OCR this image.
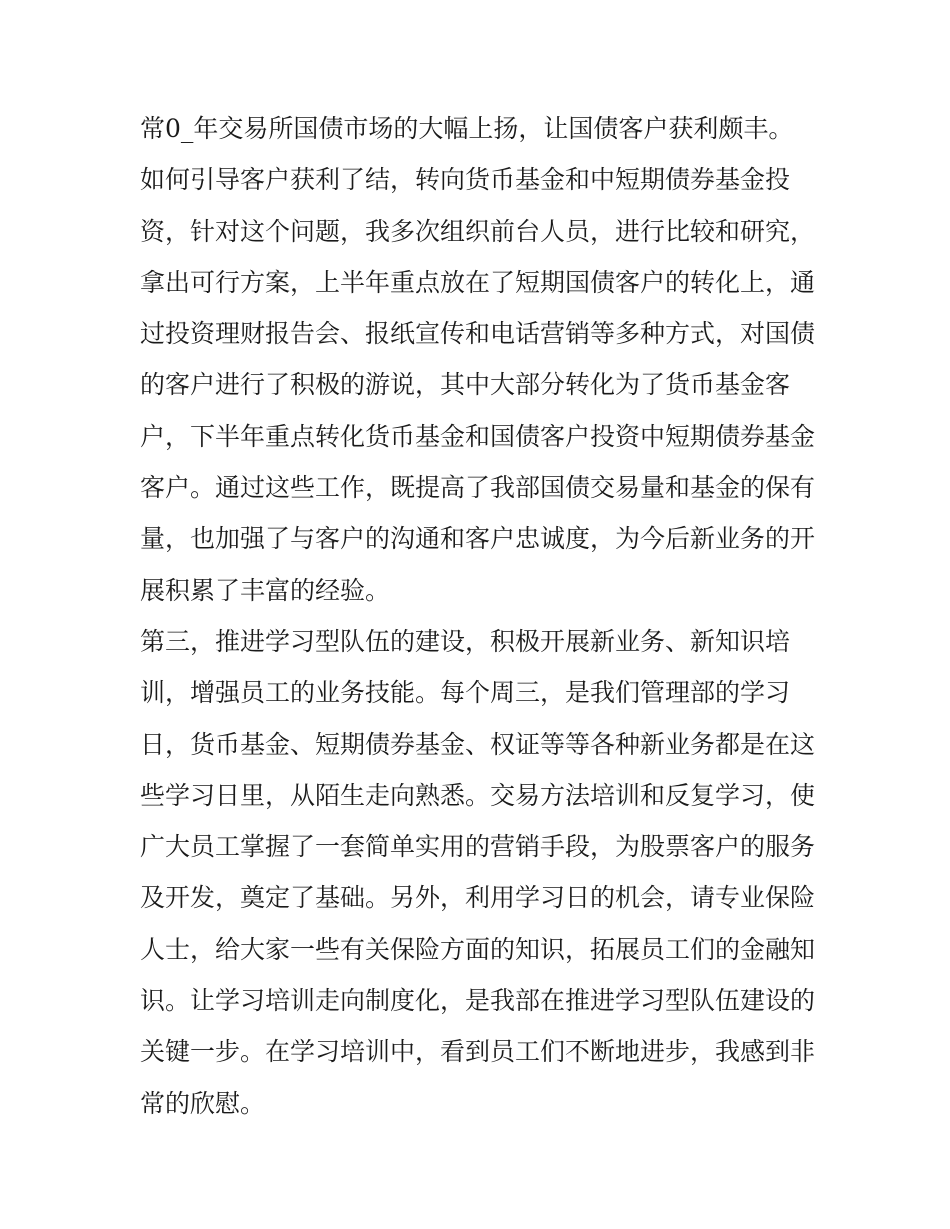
常0_年交易所国债市场的大幅上扬，让国债客户获利颇丰。
如何引导客户获利了结，转向货币基金和中短期债券基金投
资，针对这个问题，我多次组织前台人员，进行比较和研究，
拿出可行方案，上半年重点放在了短期国债客户的转化上，通
过投资理财报告会、报纸宣传和电话营销等多种方式，对国债
的客户进行了积极的游说，其中大部分转化为了货币基金客
户，下半年重点转化货币基金和国债客户投资中短期债券基金
客户。通过这些工作，既提高了我部国债交易量和基金的保有
量，也加强了与客户的沟通和客户忠诚度，为今后新业务的开
展积累了丰富的经验。
第三，推进学习型队伍的建设，积极开展新业务、新知识培
训，增强员工的业务技能。每个周三，是我们管理部的学习
日，货币基金、短期债券基金、权证等等各种新业务都是在这
些学习日里，从陌生走向熟悉。交易方法培训和反复学习，使
广大员工掌握了一套简单实用的营销手段，为股票客户的服务
及开发，奠定了基础。另外，利用学习日的机会，请专业保险
人士，给大家一些有关保险方面的知识，拓展员工们的金融知
识。让学习培训走向制度化，是我部在推进学习型队伍建设的
关键一步。在学习培训中，看到员工们不断地进步，我感到非
常的欣慰。
